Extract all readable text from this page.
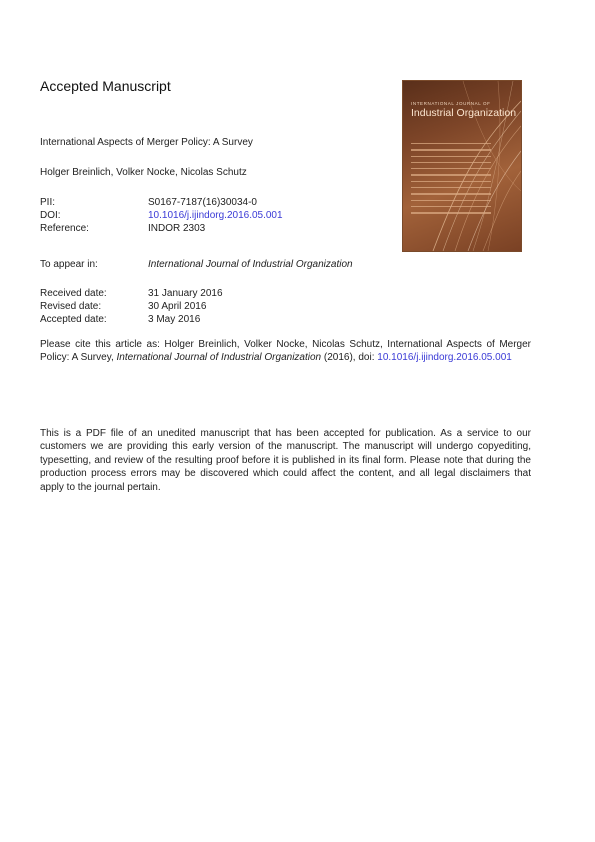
Accepted Manuscript
International Aspects of Merger Policy: A Survey
Holger Breinlich, Volker Nocke, Nicolas Schutz
PII:	S0167-7187(16)30034-0
DOI:	10.1016/j.ijindorg.2016.05.001
Reference:	INDOR 2303
To appear in:	International Journal of Industrial Organization
Received date:	31 January 2016
Revised date:	30 April 2016
Accepted date:	3 May 2016
Please cite this article as: Holger Breinlich, Volker Nocke, Nicolas Schutz, International Aspects of Merger Policy: A Survey, International Journal of Industrial Organization (2016), doi: 10.1016/j.ijindorg.2016.05.001
This is a PDF file of an unedited manuscript that has been accepted for publication. As a service to our customers we are providing this early version of the manuscript. The manuscript will undergo copyediting, typesetting, and review of the resulting proof before it is published in its final form. Please note that during the production process errors may be discovered which could affect the content, and all legal disclaimers that apply to the journal pertain.
INTERNATIONAL JOURNAL OF
Industrial Organization
